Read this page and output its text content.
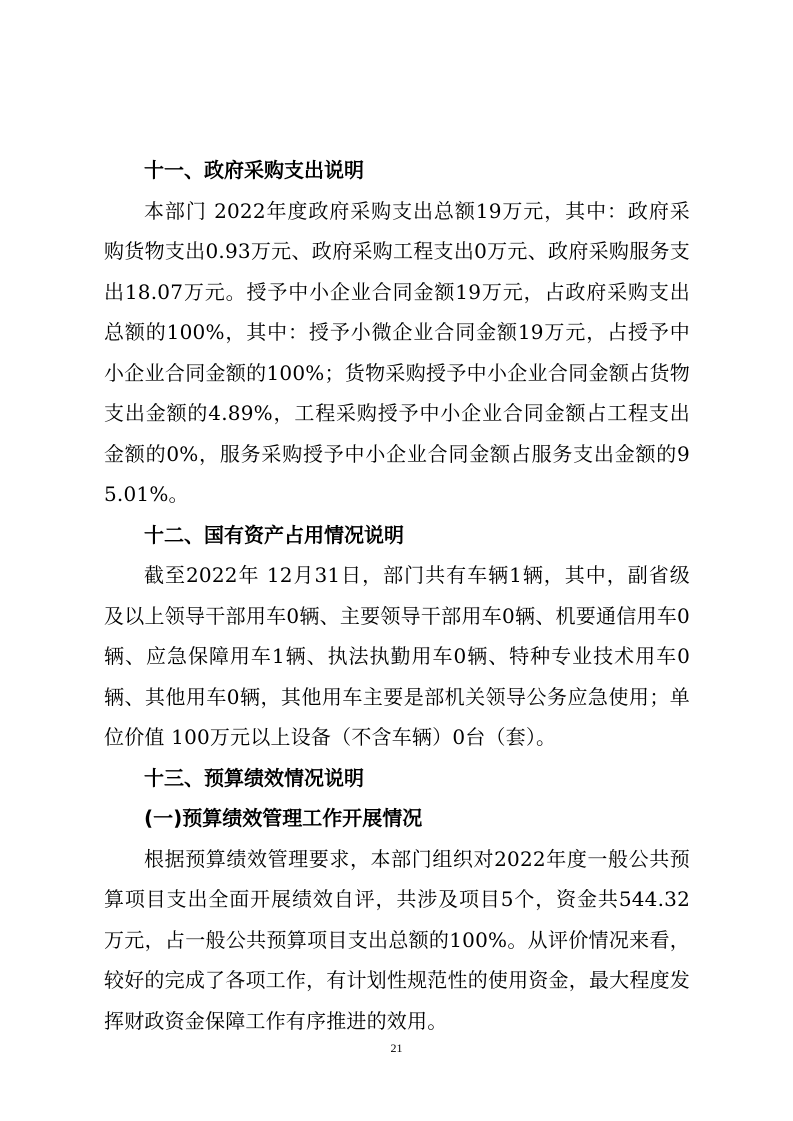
十一、政府采购支出说明

本部门 2022年度政府采购支出总额19万元，其中：政府采购货物支出0.93万元、政府采购工程支出0万元、政府采购服务支出18.07万元。授予中小企业合同金额19万元，占政府采购支出总额的100%，其中：授予小微企业合同金额19万元，占授予中小企业合同金额的100%；货物采购授予中小企业合同金额占货物支出金额的4.89%，工程采购授予中小企业合同金额占工程支出金额的0%，服务采购授予中小企业合同金额占服务支出金额的95.01%。

十二、国有资产占用情况说明

截至2022年 12月31日，部门共有车辆1辆，其中，副省级及以上领导干部用车0辆、主要领导干部用车0辆、机要通信用车0辆、应急保障用车1辆、执法执勤用车0辆、特种专业技术用车0辆、其他用车0辆，其他用车主要是部机关领导公务应急使用；单位价值 100万元以上设备（不含车辆）0台（套）。

十三、预算绩效情况说明
(一)预算绩效管理工作开展情况

根据预算绩效管理要求，本部门组织对2022年度一般公共预算项目支出全面开展绩效自评，共涉及项目5个，资金共544.32万元，占一般公共预算项目支出总额的100%。从评价情况来看，较好的完成了各项工作，有计划性规范性的使用资金，最大程度发挥财政资金保障工作有序推进的效用。

21
